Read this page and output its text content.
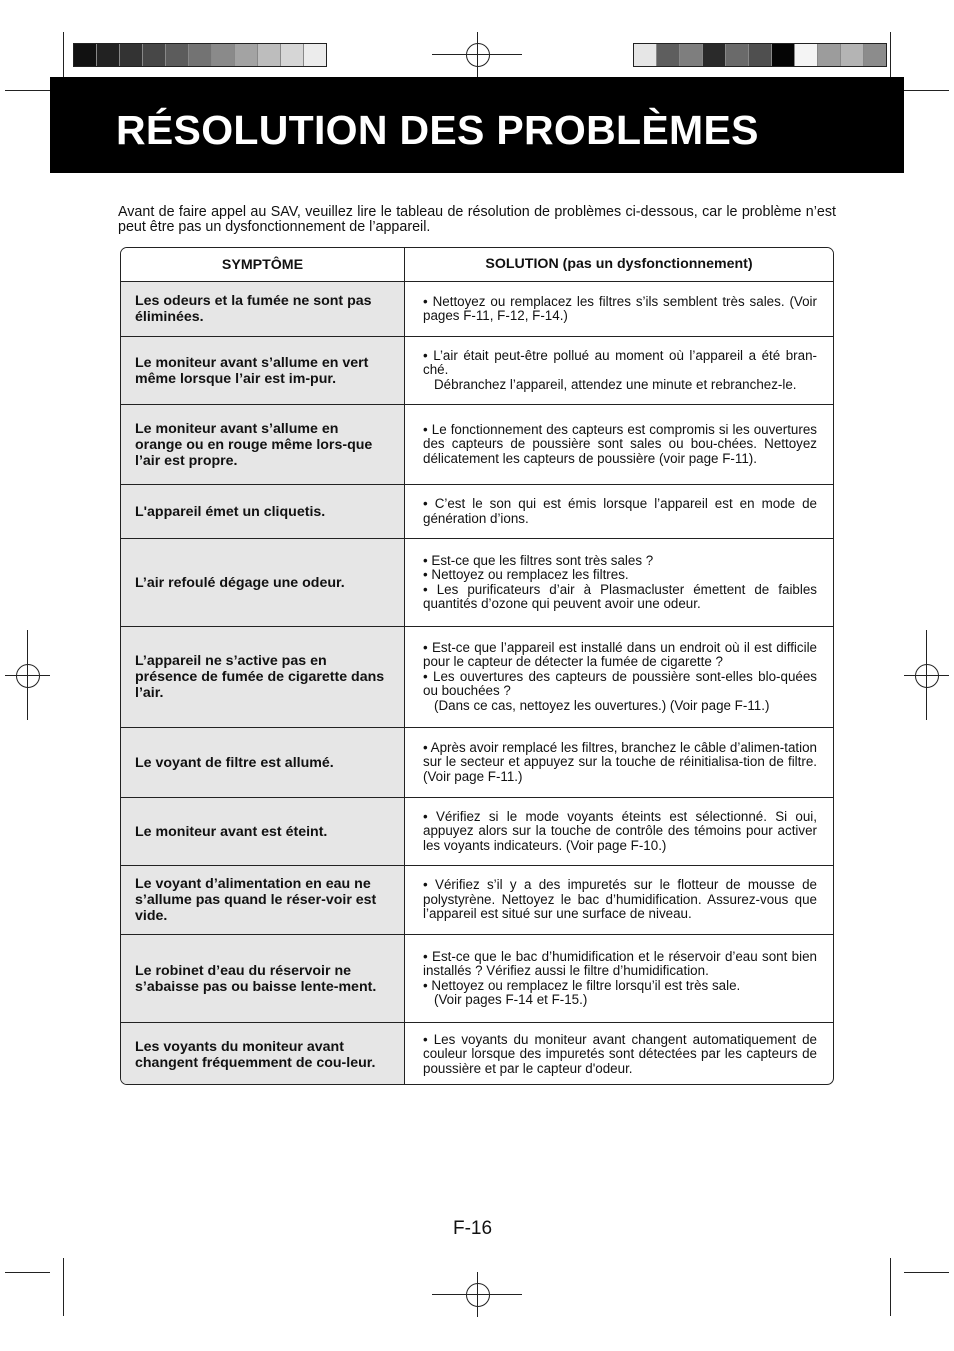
RÉSOLUTION DES PROBLÈMES
Avant de faire appel au SAV, veuillez lire le tableau de résolution de problèmes ci-dessous, car le problème n’est peut être pas un dysfonctionnement de l’appareil.
SYMPTÔME	SOLUTION (pas un dysfonctionnement)
Les odeurs et la fumée ne sont pas éliminées.

• Nettoyez ou remplacez les filtres s’ils semblent très sales. (Voir pages F-11, F-12, F-14.)

Le moniteur avant s’allume en vert même lorsque l’air est im-pur.

• L’air était peut-être pollué au moment où l’appareil a été bran-ché.

Débranchez l’appareil, attendez une minute et rebranchez-le.

Le moniteur avant s’allume en orange ou en rouge même lors-que l’air est propre.

• Le fonctionnement des capteurs est compromis si les ouvertures des capteurs de poussière sont sales ou bou-chées. Nettoyez délicatement les capteurs de poussière (voir page F-11).

L'appareil émet un cliquetis.	• C’est le son qui est émis lorsque l’appareil est en mode de génération d’ions.

L’air refoulé dégage une odeur.

• Est-ce que les filtres sont très sales ?

• Nettoyez ou remplacez les filtres.

• Les purificateurs d’air à Plasmacluster émettent de faibles quantités d’ozone qui peuvent avoir une odeur.

L’appareil ne s’active pas en présence de fumée de cigarette dans l’air.

• Est-ce que l’appareil est installé dans un endroit où il est difficile pour le capteur de détecter la fumée de cigarette ?

• Les ouvertures des capteurs de poussière sont-elles blo-quées ou bouchées ?

(Dans ce cas, nettoyez les ouvertures.) (Voir page F-11.)

Le voyant de filtre est allumé.

• Après avoir remplacé les filtres, branchez le câble d’alimen-tation sur le secteur et appuyez sur la touche de réinitialisa-tion de filtre. (Voir page F-11.)

Le moniteur avant est éteint.

• Vérifiez si le mode voyants éteints est sélectionné. Si oui, appuyez alors sur la touche de contrôle des témoins pour activer les voyants indicateurs. (Voir page F-10.)

Le voyant d’alimentation en eau ne s’allume pas quand le réser-voir est vide.

• Vérifiez s’il y a des impuretés sur le flotteur de mousse de polystyrène. Nettoyez le bac d’humidification. Assurez-vous que l’appareil est situé sur une surface de niveau.

Le robinet d’eau du réservoir ne s’abaisse pas ou baisse lente-ment.

• Est-ce que le bac d’humidification et le réservoir d’eau sont bien installés ? Vérifiez aussi le filtre d’humidification.

• Nettoyez ou remplacez le filtre lorsqu’il est très sale.

(Voir pages F-14 et F-15.)

Les voyants du moniteur avant changent fréquemment de cou-leur.

• Les voyants du moniteur avant changent automatiquement de couleur lorsque des impuretés sont détectées par les capteurs de poussière et par le capteur d'odeur.

F-16
